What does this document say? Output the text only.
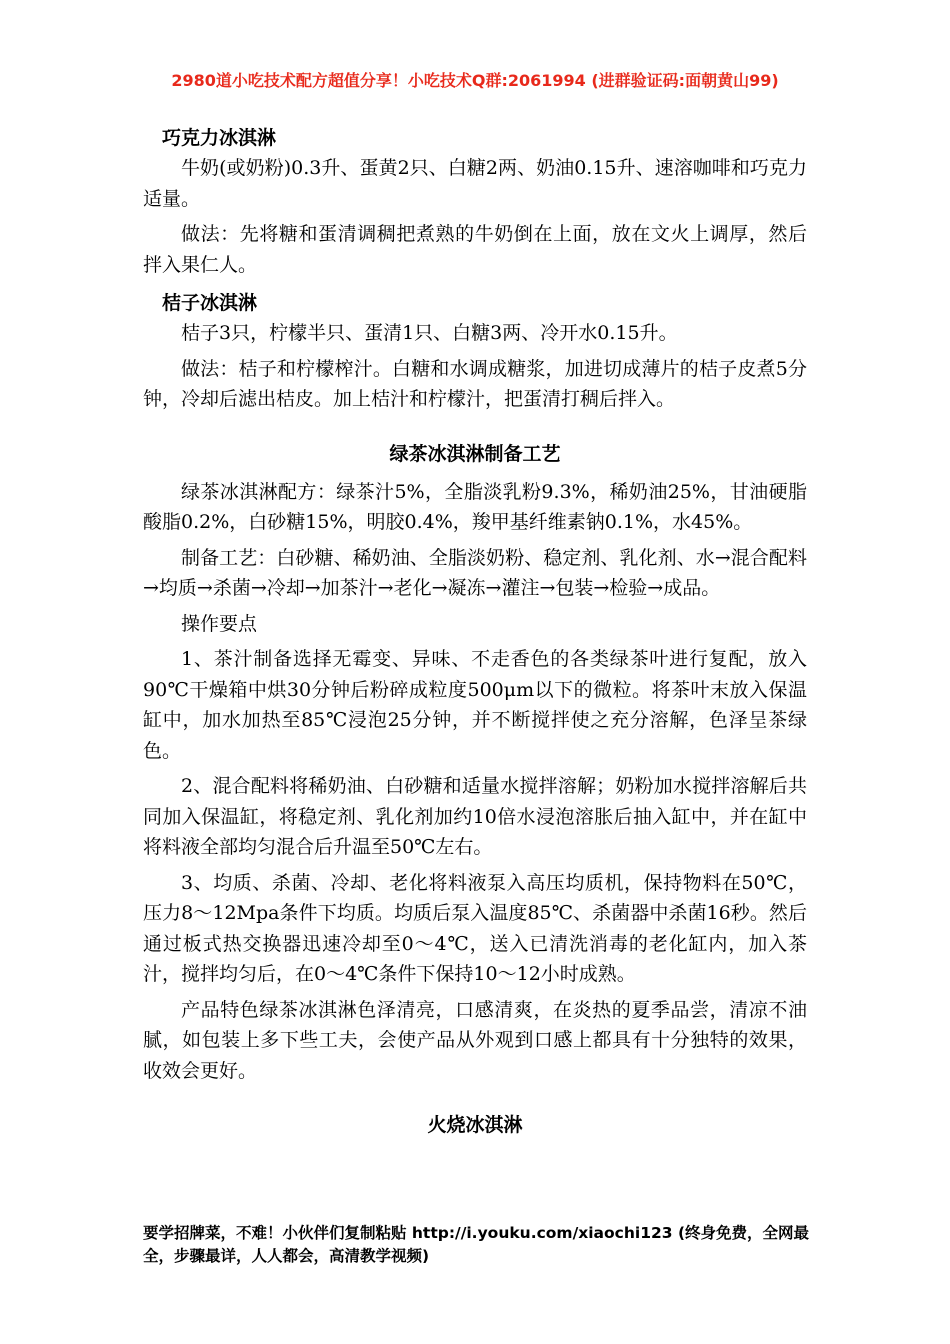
2980道小吃技术配方超值分享！小吃技术Q群:2061994 (进群验证码:面朝黄山99)
巧克力冰淇淋
牛奶(或奶粉)0.3升、蛋黄2只、白糖2两、奶油0.15升、速溶咖啡和巧克力适量。
做法：先将糖和蛋清调稠把煮熟的牛奶倒在上面，放在文火上调厚，然后拌入果仁人。
桔子冰淇淋
桔子3只，柠檬半只、蛋清1只、白糖3两、冷开水0.15升。
做法：桔子和柠檬榨汁。白糖和水调成糖浆，加进切成薄片的桔子皮煮5分钟，冷却后滤出桔皮。加上桔汁和柠檬汁，把蛋清打稠后拌入。
绿茶冰淇淋制备工艺
绿茶冰淇淋配方：绿茶汁5%，全脂淡乳粉9.3%，稀奶油25%，甘油硬脂酸脂0.2%，白砂糖15%，明胶0.4%，羧甲基纤维素钠0.1%，水45%。
制备工艺：白砂糖、稀奶油、全脂淡奶粉、稳定剂、乳化剂、水→混合配料→均质→杀菌→冷却→加茶汁→老化→凝冻→灌注→包装→检验→成品。
操作要点
1、茶汁制备选择无霉变、异味、不走香色的各类绿茶叶进行复配，放入90℃干燥箱中烘30分钟后粉碎成粒度500μm以下的微粒。将茶叶末放入保温缸中，加水加热至85℃浸泡25分钟，并不断搅拌使之充分溶解，色泽呈茶绿色。
2、混合配料将稀奶油、白砂糖和适量水搅拌溶解；奶粉加水搅拌溶解后共同加入保温缸，将稳定剂、乳化剂加约10倍水浸泡溶胀后抽入缸中，并在缸中将料液全部均匀混合后升温至50℃左右。
3、均质、杀菌、冷却、老化将料液泵入高压均质机，保持物料在50℃，压力8～12Mpa条件下均质。均质后泵入温度85℃、杀菌器中杀菌16秒。然后通过板式热交换器迅速冷却至0～4℃，送入已清洗消毒的老化缸内，加入茶汁，搅拌均匀后，在0～4℃条件下保持10～12小时成熟。
产品特色绿茶冰淇淋色泽清亮，口感清爽，在炎热的夏季品尝，清凉不油腻，如包装上多下些工夫，会使产品从外观到口感上都具有十分独特的效果，收效会更好。
火烧冰淇淋
要学招牌菜，不难！小伙伴们复制粘贴 http://i.youku.com/xiaochi123 (终身免费，全网最全，步骤最详，人人都会，高清教学视频)
